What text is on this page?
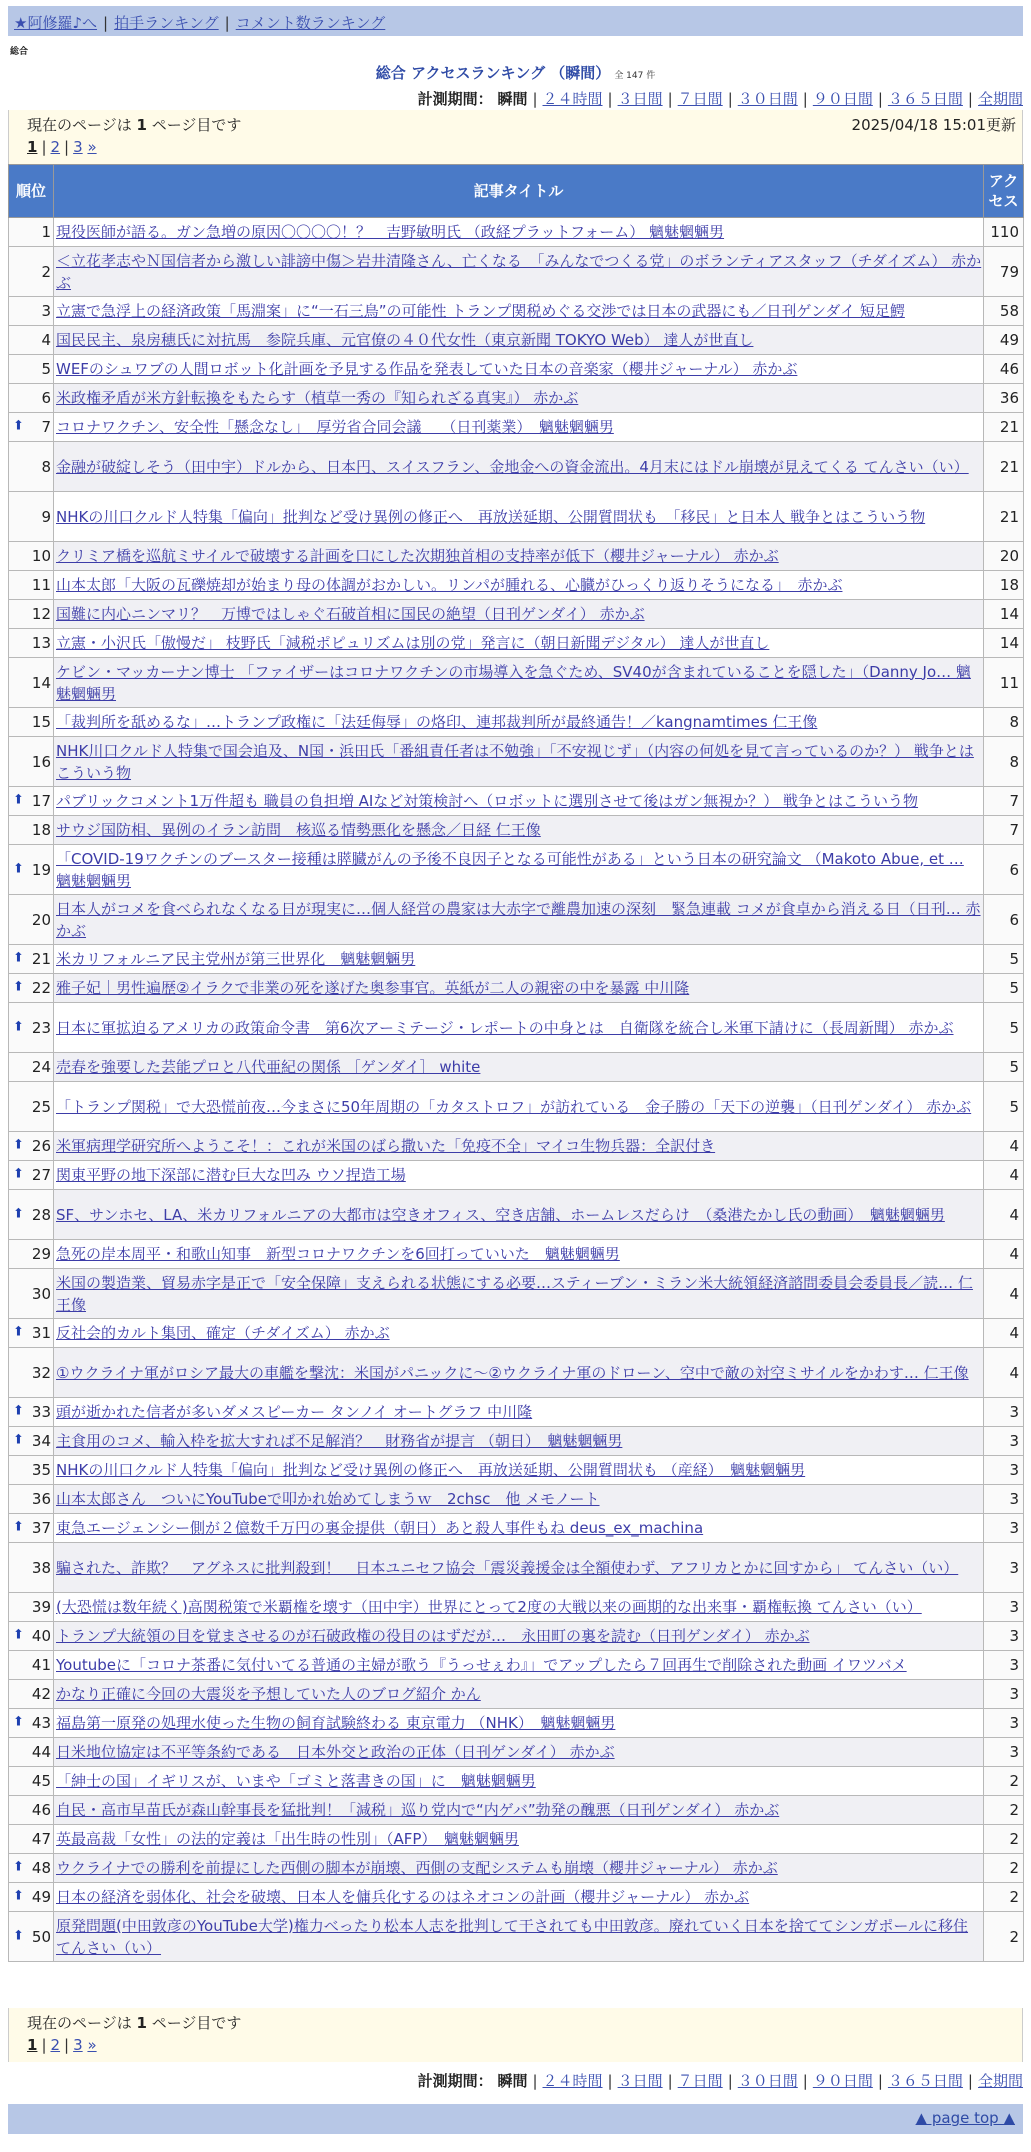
★阿修羅♪へ | 拍手ランキング | コメント数ランキング
総合
総合 アクセスランキング （瞬間） 全 147 件
計測期間： 瞬間 | ２４時間 | ３日間 | ７日間 | ３０日間 | ９０日間 | ３６５日間 | 全期間
現在のページは 1 ページ目です	2025/04/18 15:01更新
1 | 2 | 3 »
順位	記事タイトル	アクセス
1	現役医師が語る。ガン急増の原因〇〇〇〇！？　吉野敏明氏 （政経プラットフォーム） 魑魅魍魎男	110
2	＜立花孝志やＮ国信者から激しい誹謗中傷＞岩井清隆さん、亡くなる　「みんなでつくる党」のボランティアスタッフ（チダイズム） 赤かぶ	79
3	立憲で急浮上の経済政策「馬淵案」に“一石三鳥”の可能性 トランプ関税めぐる交渉では日本の武器にも／日刊ゲンダイ 短足鰐	58
4	国民民主、泉房穂氏に対抗馬　参院兵庫、元官僚の４０代女性（東京新聞 TOKYO Web） 達人が世直し	49
5	WEFのシュワブの人間ロボット化計画を予見する作品を発表していた日本の音楽家（櫻井ジャーナル） 赤かぶ	46
6	米政権矛盾が米方針転換をもたらす（植草一秀の『知られざる真実』） 赤かぶ	36

⬆ 7	コロナワクチン、安全性「懸念なし」　厚労省合同会議　 （日刊薬業）　魑魅魍魎男	21
8	金融が破綻しそう（田中宇）ドルから、日本円、スイスフラン、金地金への資金流出。4月末にはドル崩壊が見えてくる てんさい（い）	21
9	NHKの川口クルド人特集「偏向」批判など受け異例の修正へ　再放送延期、公開質問状も　「移民」と日本人 戦争とはこういう物	21
10	クリミア橋を巡航ミサイルで破壊する計画を口にした次期独首相の支持率が低下（櫻井ジャーナル） 赤かぶ	20
11	山本太郎「大阪の瓦礫焼却が始まり母の体調がおかしい。リンパが腫れる、心臓がひっくり返りそうになる」　赤かぶ	18
12	国難に内心ニンマリ？　万博ではしゃぐ石破首相に国民の絶望（日刊ゲンダイ） 赤かぶ	14
13	立憲・小沢氏「傲慢だ」 枝野氏「減税ポピュリズムは別の党」発言に（朝日新聞デジタル） 達人が世直し	14
14	ケビン・マッカーナン博士 「ファイザーはコロナワクチンの市場導入を急ぐため、SV40が含まれていることを隠した」（Danny Jo… 魑魅魍魎男	11
15	「裁判所を舐めるな」…トランプ政権に「法廷侮辱」の烙印、連邦裁判所が最終通告！／kangnamtimes 仁王像	8
16	NHK川口クルド人特集で国会追及、N国・浜田氏「番組責任者は不勉強」「不安视じず」（内容の何処を見て言っているのか？） 戦争とはこういう物	8

⬆ 17	パブリックコメント1万件超も 職員の負担増 AIなど対策検討へ（ロボットに選別させて後はガン無視か？） 戦争とはこういう物	7
18	サウジ国防相、異例のイラン訪問　核巡る情勢悪化を懸念／日経 仁王像	7

⬆ 19	「COVID-19ワクチンのブースター接種は膵臓がんの予後不良因子となる可能性がある」という日本の研究論文 （Makoto Abue, et … 魑魅魍魎男	6
20	日本人がコメを食べられなくなる日が現実に…個人経営の農家は大赤字で離農加速の深刻　緊急連載 コメが食卓から消える日（日刊… 赤かぶ	6

⬆ 21	米カリフォルニア民主党州が第三世界化　魑魅魍魎男	5

⬆ 22	雅子妃｜男性遍歴②イラクで非業の死を遂げた奥参事官。英紙が二人の親密の中を暴露 中川隆	5

⬆ 23	日本に軍拡迫るアメリカの政策命令書　第6次アーミテージ・レポートの中身とは　自衛隊を統合し米軍下請けに（長周新聞） 赤かぶ	5
24	売春を強要した芸能プロと八代亜紀の関係 ［ゲンダイ］ white	5
25	「トランプ関税」で大恐慌前夜…今まさに50年周期の「カタストロフ」が訪れている　金子勝の「天下の逆襲」（日刊ゲンダイ） 赤かぶ	5

⬆ 26	米軍病理学研究所へようこそ！：これが米国のばら撒いた「免疫不全」マイコ生物兵器：全訳付き	4

⬆ 27	関東平野の地下深部に潜む巨大な凹み ウソ捏造工場	4

⬆ 28	SF、サンホセ、LA、米カリフォルニアの大都市は空きオフィス、空き店舗、ホームレスだらけ　（桑港たかし氏の動画）　魑魅魍魎男	4
29	急死の岸本周平・和歌山知事　新型コロナワクチンを6回打っていいた　魑魅魍魎男	4
30	米国の製造業、貿易赤字是正で「安全保障」支えられる状態にする必要…スティーブン・ミラン米大統領経済諮問委員会委員長／読… 仁王像	4

⬆ 31	反社会的カルト集団、確定（チダイズム） 赤かぶ	4
32	①ウクライナ軍がロシア最大の車艦を撃沈：米国がパニックに～②ウクライナ軍のドローン、空中で敵の対空ミサイルをかわす… 仁王像	4

⬆ 33	頭が逝かれた信者が多いダメスピーカー タンノイ オートグラフ 中川隆	3

⬆ 34	主食用のコメ、輸入枠を拡大すれば不足解消？　財務省が提言 （朝日）　魑魅魍魎男	3
35	NHKの川口クルド人特集「偏向」批判など受け異例の修正へ　再放送延期、公開質問状も （産経）　魑魅魍魎男	3
36	山本太郎さん　ついにYouTubeで叩かれ始めてしまうｗ　2chsc　他 メモノート	3

⬆ 37	東急エージェンシー側が２億数千万円の裏金提供（朝日）あと殺人事件もね deus_ex_machina	3
38	騙された、詐欺？　アグネスに批判殺到！　日本ユニセフ協会「震災義援金は全額使わず、アフリカとかに回すから」 てんさい（い）	3
39	(大恐慌は数年続く)高関税策で米覇権を壊す（田中宇）世界にとって2度の大戦以来の画期的な出来事・覇権転換 てんさい（い）	3

⬆ 40	トランプ大統領の目を覚まさせるのが石破政権の役目のはずだが…　永田町の裏を読む（日刊ゲンダイ） 赤かぶ	3
41	Youtubeに「コロナ茶番に気付いてる普通の主婦が歌う『うっせぇわ』」でアップしたら７回再生で削除された動画 イワツバメ	3
42	かなり正確に今回の大震災を予想していた人のブログ紹介 かん	3

⬆ 43	福島第一原発の処理水使った生物の飼育試験終わる 東京電力 （NHK）　魑魅魍魎男	3
44	日米地位協定は不平等条約である　日本外交と政治の正体（日刊ゲンダイ） 赤かぶ	3
45	「紳士の国」イギリスが、いまや「ゴミと落書きの国」に　魑魅魍魎男	2
46	自民・高市早苗氏が森山幹事長を猛批判！「減税」巡り党内で“内ゲバ”勃発の醜悪（日刊ゲンダイ） 赤かぶ	2
47	英最高裁「女性」の法的定義は「出生時の性別」（AFP）　魑魅魍魎男	2

⬆ 48	ウクライナでの勝利を前提にした西側の脚本が崩壊、西側の支配システムも崩壊（櫻井ジャーナル） 赤かぶ	2

⬆ 49	日本の経済を弱体化、社会を破壊、日本人を傭兵化するのはネオコンの計画（櫻井ジャーナル） 赤かぶ	2

⬆ 50	原発問題(中田敦彦のYouTube大学)権力べったり松本人志を批判して干されても中田敦彦。廃れていく日本を捨ててシンガポールに移住 てんさい（い）	2
現在のページは 1 ページ目です
1 | 2 | 3 »
計測期間： 瞬間 | ２４時間 | ３日間 | ７日間 | ３０日間 | ９０日間 | ３６５日間 | 全期間
▲ page top ▲
